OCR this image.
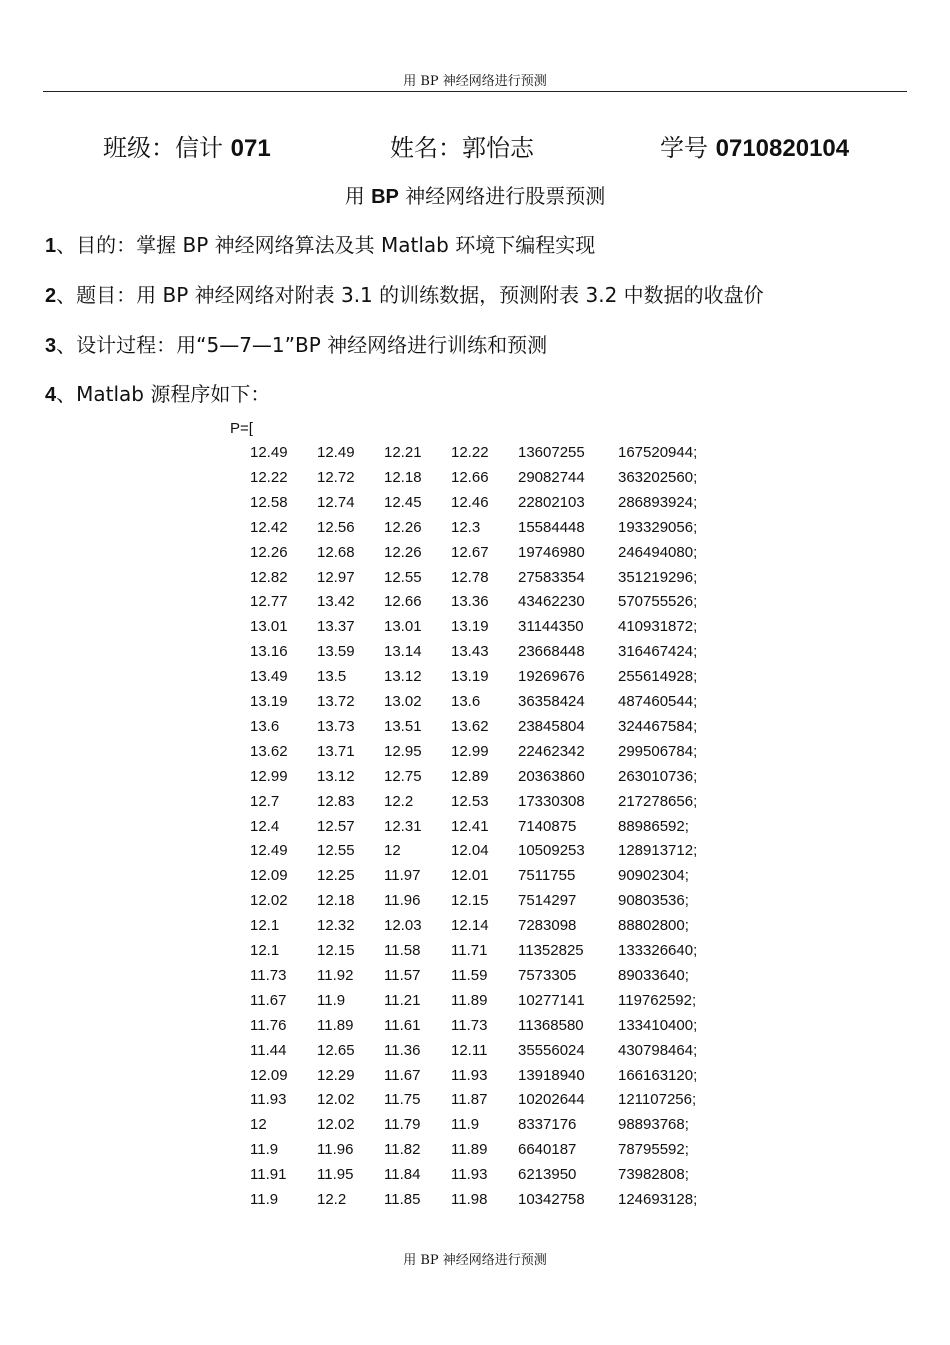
用 BP 神经网络进行预测
班级：信计 071	姓名：郭怡志	学号 0710820104
用 BP 神经网络进行股票预测
1、目的：掌握 BP 神经网络算法及其 Matlab 环境下编程实现
2、题目：用 BP 神经网络对附表 3.1 的训练数据，预测附表 3.2 中数据的收盘价
3、设计过程：用“5—7—1”BP 神经网络进行训练和预测
4、Matlab 源程序如下：
P=[
12.49 12.49 12.21 12.22 13607255 167520944;
12.22 12.72 12.18 12.66 29082744 363202560;
12.58 12.74 12.45 12.46 22802103 286893924;
12.42 12.56 12.26 12.3	15584448 193329056;
12.26 12.68 12.26 12.67 19746980 246494080;
12.82 12.97 12.55 12.78 27583354 351219296;
12.77 13.42 12.66 13.36 43462230 570755526;
13.01 13.37 13.01 13.19 31144350 410931872;
13.16 13.59 13.14 13.43 23668448 316467424;
13.49 13.5	13.12 13.19 19269676 255614928;
13.19 13.72 13.02 13.6	36358424 487460544;
13.6	13.73 13.51 13.62 23845804 324467584;
13.62 13.71 12.95 12.99 22462342 299506784;
12.99 13.12 12.75 12.89 20363860 263010736;
12.7	12.83 12.2	12.53 17330308 217278656;
12.4	12.57 12.31 12.41 7140875	88986592;
12.49 12.55 12	12.04 10509253 128913712;
12.09 12.25 11.97 12.01 7511755	90902304;
12.02 12.18 11.96 12.15 7514297	90803536;
12.1	12.32 12.03 12.14 7283098	88802800;
12.1	12.15 11.58 11.71 11352825 133326640;
11.73 11.92 11.57 11.59 7573305	89033640;
11.67 11.9	11.21 11.89 10277141 119762592;
11.76 11.89 11.61 11.73 11368580 133410400;
11.44 12.65 11.36 12.11 35556024 430798464;
12.09 12.29 11.67 11.93 13918940 166163120;
11.93 12.02 11.75 11.87 10202644 121107256;
12	12.02 11.79 11.9	8337176	98893768;
11.9	11.96 11.82 11.89 6640187	78795592;
11.91 11.95 11.84 11.93 6213950	73982808;
11.9	12.2	11.85 11.98 10342758 124693128;
用 BP 神经网络进行预测
